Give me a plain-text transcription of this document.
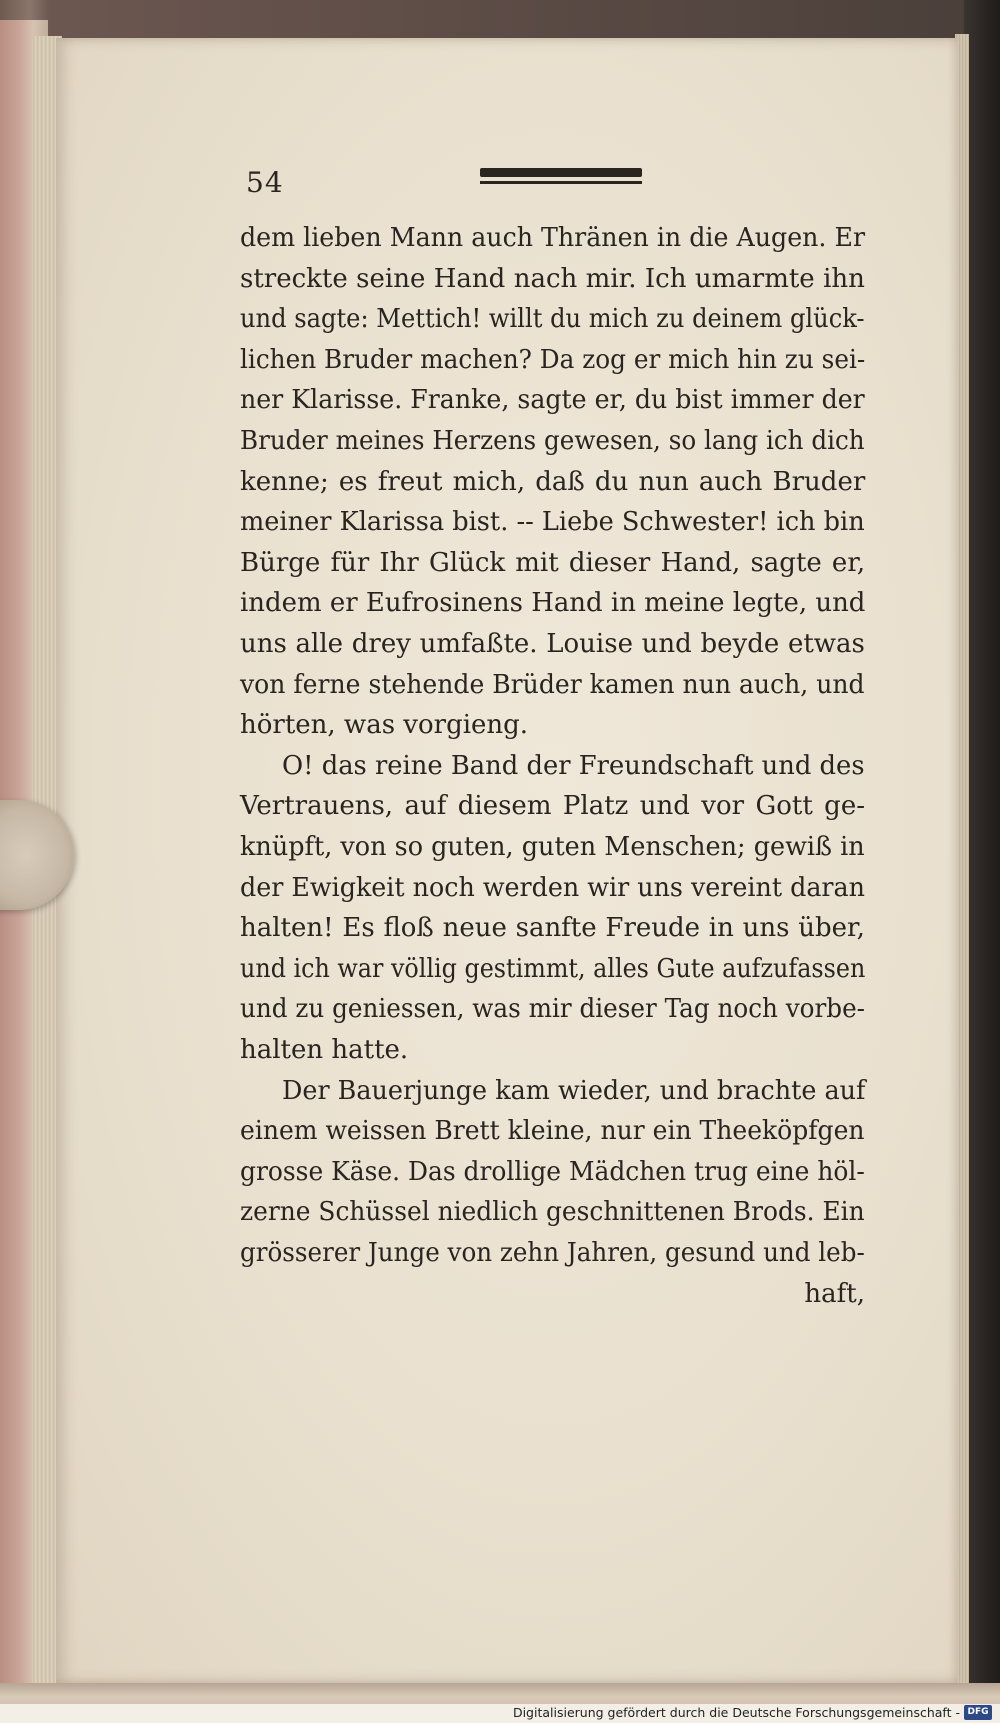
54
dem lieben Mann auch Thränen in die Augen. Er
streckte seine Hand nach mir. Ich umarmte ihn
und sagte: Mettich! willt du mich zu deinem glück-
lichen Bruder machen? Da zog er mich hin zu sei-
ner Klarisse. Franke, sagte er, du bist immer der
Bruder meines Herzens gewesen, so lang ich dich
kenne; es freut mich, daß du nun auch Bruder
meiner Klarissa bist. -- Liebe Schwester! ich bin
Bürge für Ihr Glück mit dieser Hand, sagte er,
indem er Eufrosinens Hand in meine legte, und
uns alle drey umfaßte. Louise und beyde etwas
von ferne stehende Brüder kamen nun auch, und
hörten, was vorgieng.
O! das reine Band der Freundschaft und des
Vertrauens, auf diesem Platz und vor Gott ge-
knüpft, von so guten, guten Menschen; gewiß in
der Ewigkeit noch werden wir uns vereint daran
halten! Es floß neue sanfte Freude in uns über,
und ich war völlig gestimmt, alles Gute aufzufassen
und zu geniessen, was mir dieser Tag noch vorbe-
halten hatte.
Der Bauerjunge kam wieder, und brachte auf
einem weissen Brett kleine, nur ein Theeköpfgen
grosse Käse. Das drollige Mädchen trug eine höl-
zerne Schüssel niedlich geschnittenen Brods. Ein
grösserer Junge von zehn Jahren, gesund und leb-
haft,
Digitalisierung gefördert durch die Deutsche Forschungsgemeinschaft - DFG
